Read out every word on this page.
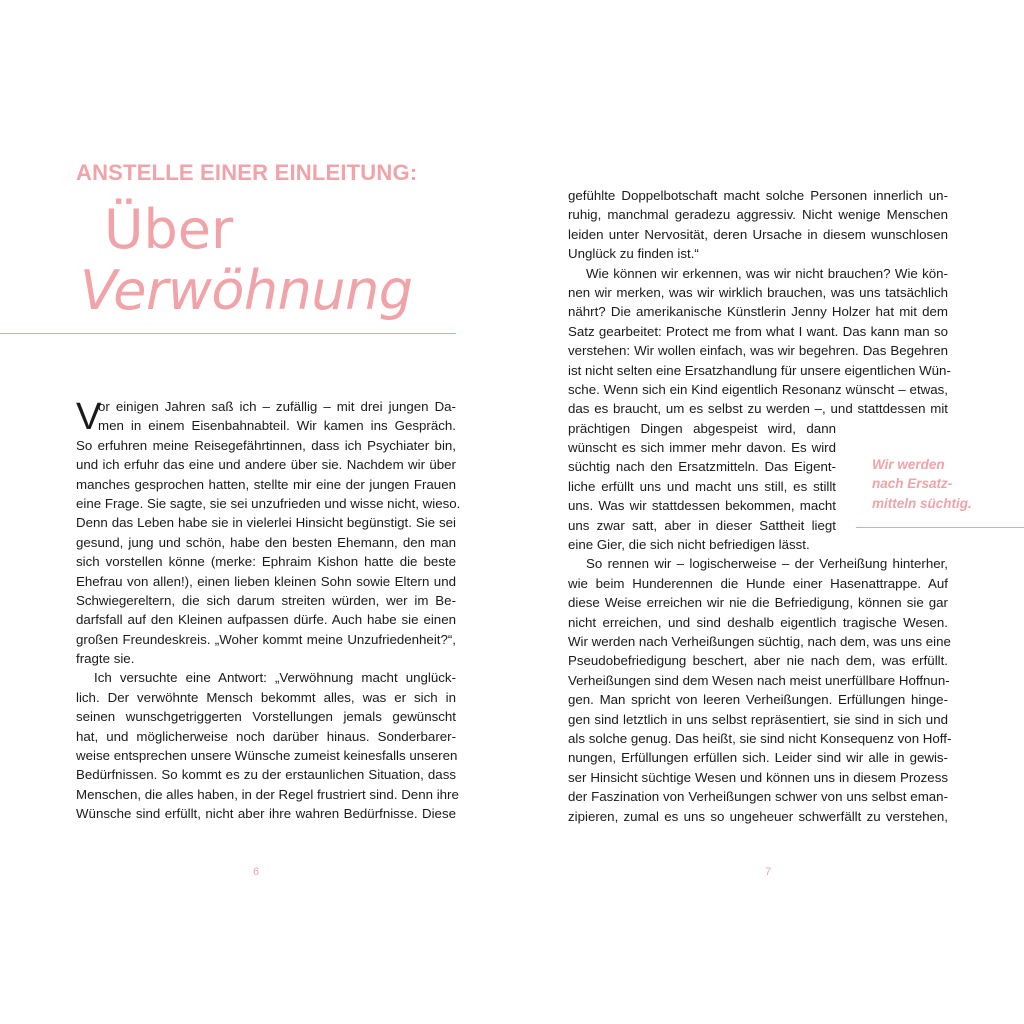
ANSTELLE EINER EINLEITUNG:
Über
Verwöhnung
V
or einigen Jahren saß ich – zufällig – mit drei jungen Da-
men in einem Eisenbahnabteil. Wir kamen ins Gespräch.
So erfuhren meine Reisegefährtinnen, dass ich Psychiater bin,
und ich erfuhr das eine und andere über sie. Nachdem wir über
manches gesprochen hatten, stellte mir eine der jungen Frauen
eine Frage. Sie sagte, sie sei unzufrieden und wisse nicht, wieso.
Denn das Leben habe sie in vielerlei Hinsicht begünstigt. Sie sei
gesund, jung und schön, habe den besten Ehemann, den man
sich vorstellen könne (merke: Ephraim Kishon hatte die beste
Ehefrau von allen!), einen lieben kleinen Sohn sowie Eltern und
Schwiegereltern, die sich darum streiten würden, wer im Be-
darfsfall auf den Kleinen aufpassen dürfe. Auch habe sie einen
großen Freundeskreis. „Woher kommt meine Unzufriedenheit?“,
fragte sie.
Ich versuchte eine Antwort: „Verwöhnung macht unglück-
lich. Der verwöhnte Mensch bekommt alles, was er sich in
seinen wunschgetriggerten Vorstellungen jemals gewünscht
hat, und möglicherweise noch darüber hinaus. Sonderbarer-
weise entsprechen unsere Wünsche zumeist keinesfalls unseren
Bedürfnissen. So kommt es zu der erstaunlichen Situation, dass
Menschen, die alles haben, in der Regel frustriert sind. Denn ihre
Wünsche sind erfüllt, nicht aber ihre wahren Bedürfnisse. Diese
6
gefühlte Doppelbotschaft macht solche Personen innerlich un-
ruhig, manchmal geradezu aggressiv. Nicht wenige Menschen
leiden unter Nervosität, deren Ursache in diesem wunschlosen
Unglück zu finden ist.“
Wie können wir erkennen, was wir nicht brauchen? Wie kön-
nen wir merken, was wir wirklich brauchen, was uns tatsächlich
nährt? Die amerikanische Künstlerin Jenny Holzer hat mit dem
Satz gearbeitet: Protect me from what I want. Das kann man so
verstehen: Wir wollen einfach, was wir begehren. Das Begehren
ist nicht selten eine Ersatzhandlung für unsere eigentlichen Wün-
sche. Wenn sich ein Kind eigentlich Resonanz wünscht – etwas,
das es braucht, um es selbst zu werden –, und stattdessen mit
prächtigen Dingen abgespeist wird, dann
wünscht es sich immer mehr davon. Es wird
süchtig nach den Ersatzmitteln. Das Eigent-
liche erfüllt uns und macht uns still, es stillt
uns. Was wir stattdessen bekommen, macht
uns zwar satt, aber in dieser Sattheit liegt
eine Gier, die sich nicht befriedigen lässt.
So rennen wir – logischerweise – der Verheißung hinterher,
wie beim Hunderennen die Hunde einer Hasenattrappe. Auf
diese Weise erreichen wir nie die Befriedigung, können sie gar
nicht erreichen, und sind deshalb eigentlich tragische Wesen.
Wir werden nach Verheißungen süchtig, nach dem, was uns eine
Pseudobefriedigung beschert, aber nie nach dem, was erfüllt.
Verheißungen sind dem Wesen nach meist unerfüllbare Hoffnun-
gen. Man spricht von leeren Verheißungen. Erfüllungen hinge-
gen sind letztlich in uns selbst repräsentiert, sie sind in sich und
als solche genug. Das heißt, sie sind nicht Konsequenz von Hoff-
nungen, Erfüllungen erfüllen sich. Leider sind wir alle in gewis-
ser Hinsicht süchtige Wesen und können uns in diesem Prozess
der Faszination von Verheißungen schwer von uns selbst eman-
zipieren, zumal es uns so ungeheuer schwerfällt zu verstehen,
Wir werden
nach Ersatz-
mitteln süchtig.
7
